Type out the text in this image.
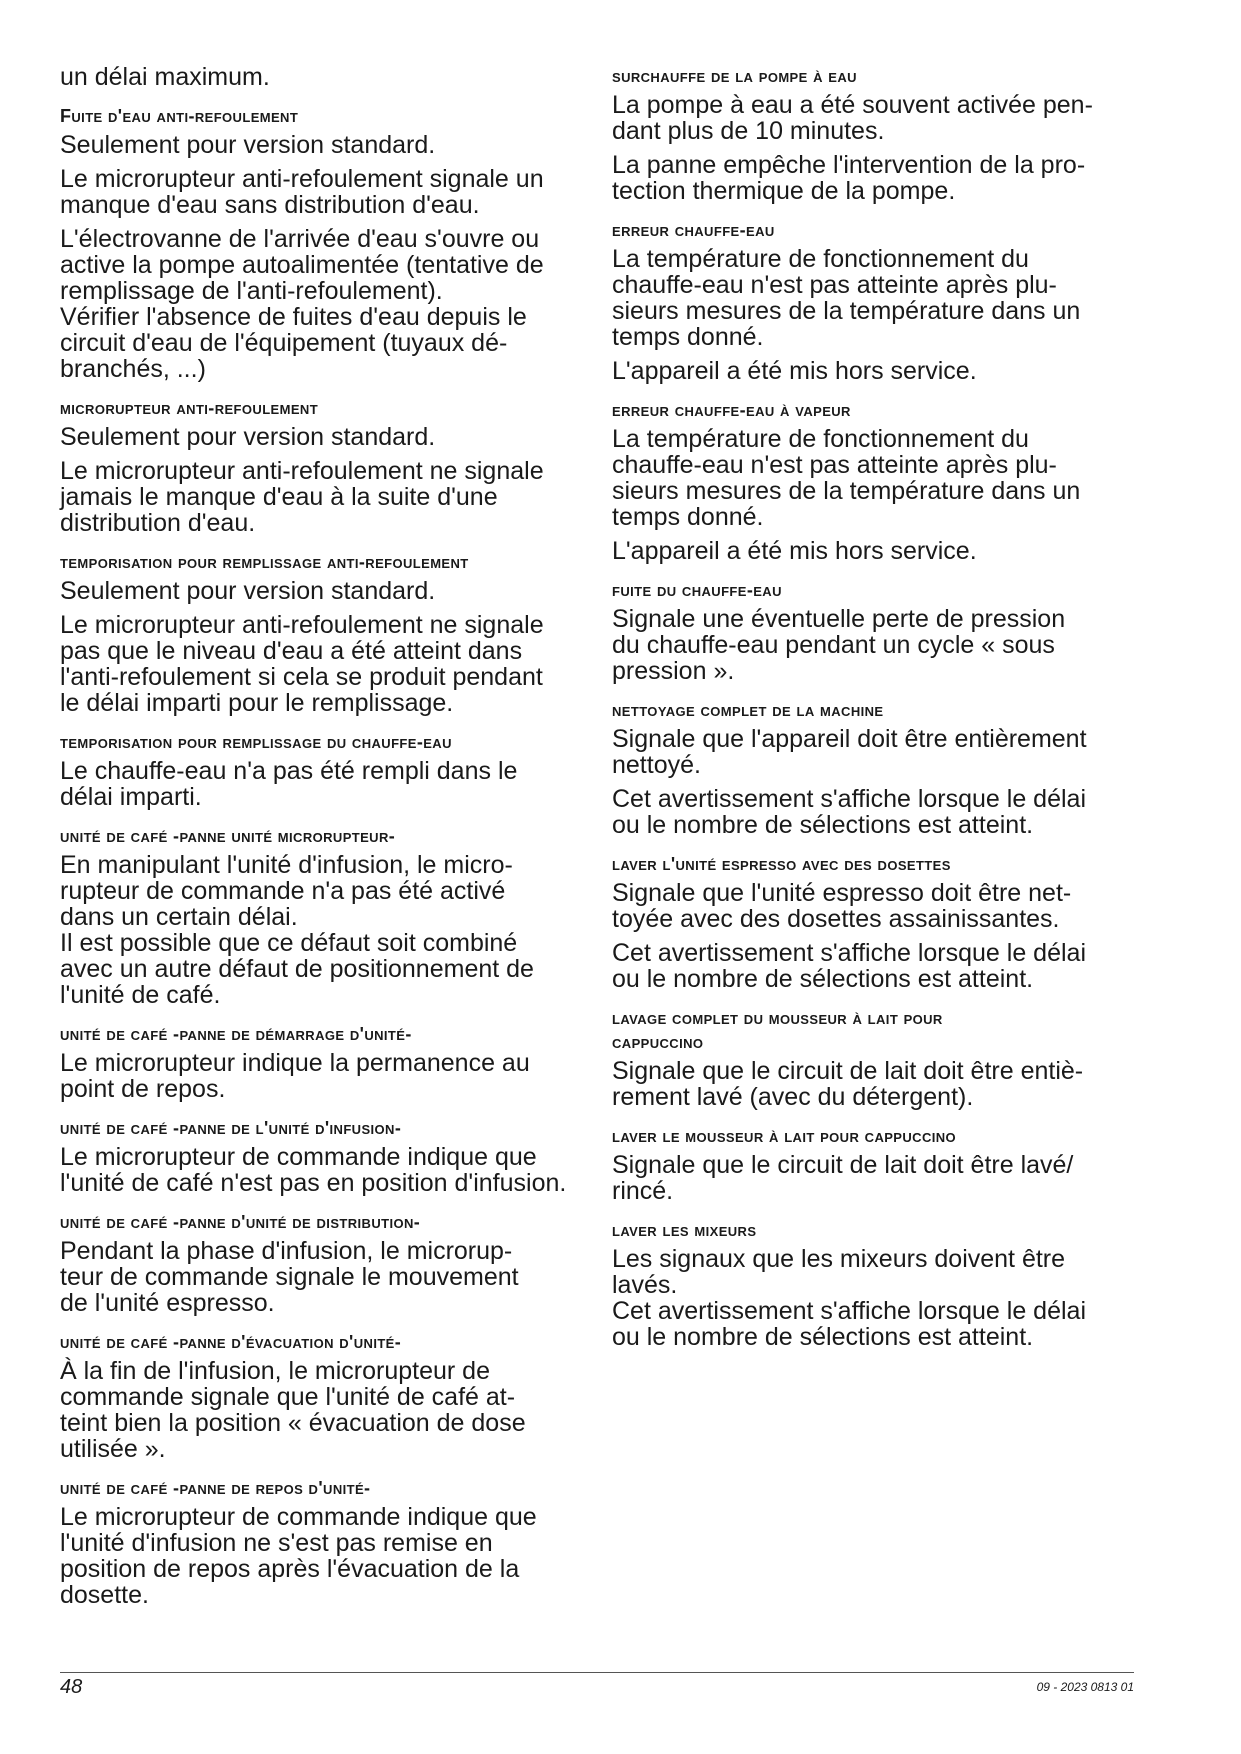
un délai maximum.
Fuite d'eau anti-refoulement
Seulement pour version standard.
Le microrupteur anti-refoulement signale un
manque d'eau sans distribution d'eau.
L'électrovanne de l'arrivée d'eau s'ouvre ou
active la pompe autoalimentée (tentative de
remplissage de l'anti-refoulement).
Vérifier l'absence de fuites d'eau depuis le
circuit d'eau de l'équipement (tuyaux dé-
branchés, ...)
microrupteur anti-refoulement
Seulement pour version standard.
Le microrupteur anti-refoulement ne signale
jamais le manque d'eau à la suite d'une
distribution d'eau.
temporisation pour remplissage anti-refoulement
Seulement pour version standard.
Le microrupteur anti-refoulement ne signale
pas que le niveau d'eau a été atteint dans
l'anti-refoulement si cela se produit pendant
le délai imparti pour le remplissage.
temporisation pour remplissage du chauffe-eau
Le chauffe-eau n'a pas été rempli dans le
délai imparti.
unité de café -panne unité microrupteur-
En manipulant l'unité d'infusion, le micro-
rupteur de commande n'a pas été activé
dans un certain délai.
Il est possible que ce défaut soit combiné
avec un autre défaut de positionnement de
l'unité de café.
unité de café -panne de démarrage d'unité-
Le microrupteur indique la permanence au
point de repos.
unité de café -panne de l'unité d'infusion-
Le microrupteur de commande indique que
l'unité de café n'est pas en position d'infusion.
unité de café -panne d'unité de distribution-
Pendant la phase d'infusion, le microrup-
teur de commande signale le mouvement
de l'unité espresso.
unité de café -panne d'évacuation d'unité-
À la fin de l'infusion, le microrupteur de
commande signale que l'unité de café at-
teint bien la position « évacuation de dose
utilisée ».
unité de café -panne de repos d'unité-
Le microrupteur de commande indique que
l'unité d'infusion ne s'est pas remise en
position de repos après l'évacuation de la
dosette.
surchauffe de la pompe à eau
La pompe à eau a été souvent activée pen-
dant plus de 10 minutes.
La panne empêche l'intervention de la pro-
tection thermique de la pompe.
erreur chauffe-eau
La température de fonctionnement du
chauffe-eau n'est pas atteinte après plu-
sieurs mesures de la température dans un
temps donné.
L'appareil a été mis hors service.
erreur chauffe-eau à vapeur
La température de fonctionnement du
chauffe-eau n'est pas atteinte après plu-
sieurs mesures de la température dans un
temps donné.
L'appareil a été mis hors service.
fuite du chauffe-eau
Signale une éventuelle perte de pression
du chauffe-eau pendant un cycle « sous
pression ».
nettoyage complet de la machine
Signale que l'appareil doit être entièrement
nettoyé.
Cet avertissement s'affiche lorsque le délai
ou le nombre de sélections est atteint.
laver l'unité espresso avec des dosettes
Signale que l'unité espresso doit être net-
toyée avec des dosettes assainissantes.
Cet avertissement s'affiche lorsque le délai
ou le nombre de sélections est atteint.
lavage complet du mousseur à lait pour
cappuccino
Signale que le circuit de lait doit être entiè-
rement lavé (avec du détergent).
laver le mousseur à lait pour cappuccino
Signale que le circuit de lait doit être lavé/
rincé.
laver les mixeurs
Les signaux que les mixeurs doivent être
lavés.
Cet avertissement s'affiche lorsque le délai
ou le nombre de sélections est atteint.
48	09 - 2023 0813 01
